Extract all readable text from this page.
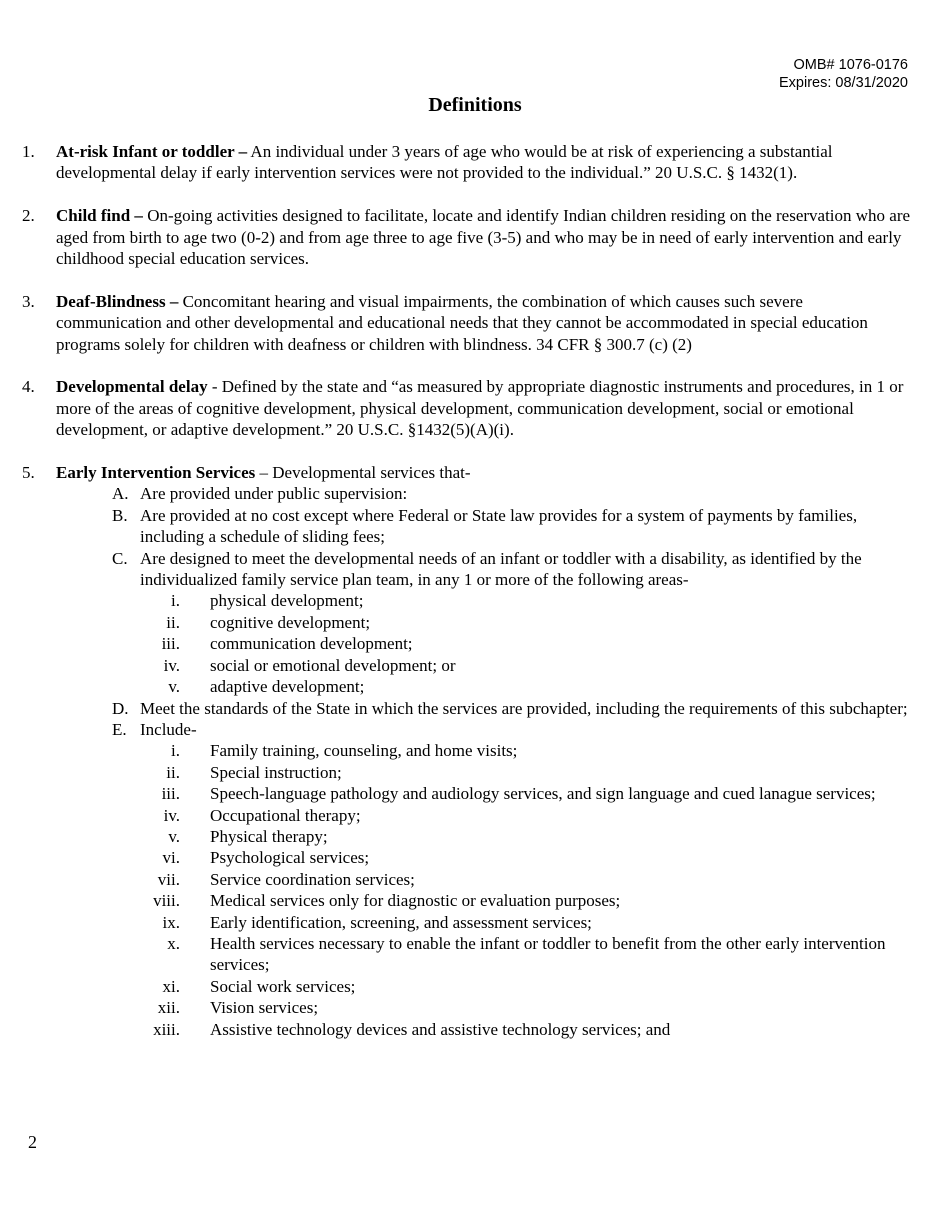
OMB# 1076-0176
Expires: 08/31/2020
Definitions
1. At-risk Infant or toddler – An individual under 3 years of age who would be at risk of experiencing a substantial developmental delay if early intervention services were not provided to the individual.” 20 U.S.C. § 1432(1).
2. Child find – On-going activities designed to facilitate, locate and identify Indian children residing on the reservation who are aged from birth to age two (0-2) and from age three to age five (3-5) and who may be in need of early intervention and early childhood special education services.
3. Deaf-Blindness – Concomitant hearing and visual impairments, the combination of which causes such severe communication and other developmental and educational needs that they cannot be accommodated in special education programs solely for children with deafness or children with blindness. 34 CFR § 300.7 (c) (2)
4. Developmental delay - Defined by the state and “as measured by appropriate diagnostic instruments and procedures, in 1 or more of the areas of cognitive development, physical development, communication development, social or emotional development, or adaptive development.” 20 U.S.C. §1432(5)(A)(i).
5. Early Intervention Services – Developmental services that-
A. Are provided under public supervision:
B. Are provided at no cost except where Federal or State law provides for a system of payments by families, including a schedule of sliding fees;
C. Are designed to meet the developmental needs of an infant or toddler with a disability, as identified by the individualized family service plan team, in any 1 or more of the following areas-
i. physical development;
ii. cognitive development;
iii. communication development;
iv. social or emotional development; or
v. adaptive development;
D. Meet the standards of the State in which the services are provided, including the requirements of this subchapter;
E. Include-
i. Family training, counseling, and home visits;
ii. Special instruction;
iii. Speech-language pathology and audiology services, and sign language and cued lanague services;
iv. Occupational therapy;
v. Physical therapy;
vi. Psychological services;
vii. Service coordination services;
viii. Medical services only for diagnostic or evaluation purposes;
ix. Early identification, screening, and assessment services;
x. Health services necessary to enable the infant or toddler to benefit from the other early intervention services;
xi. Social work services;
xii. Vision services;
xiii. Assistive technology devices and assistive technology services; and
2
